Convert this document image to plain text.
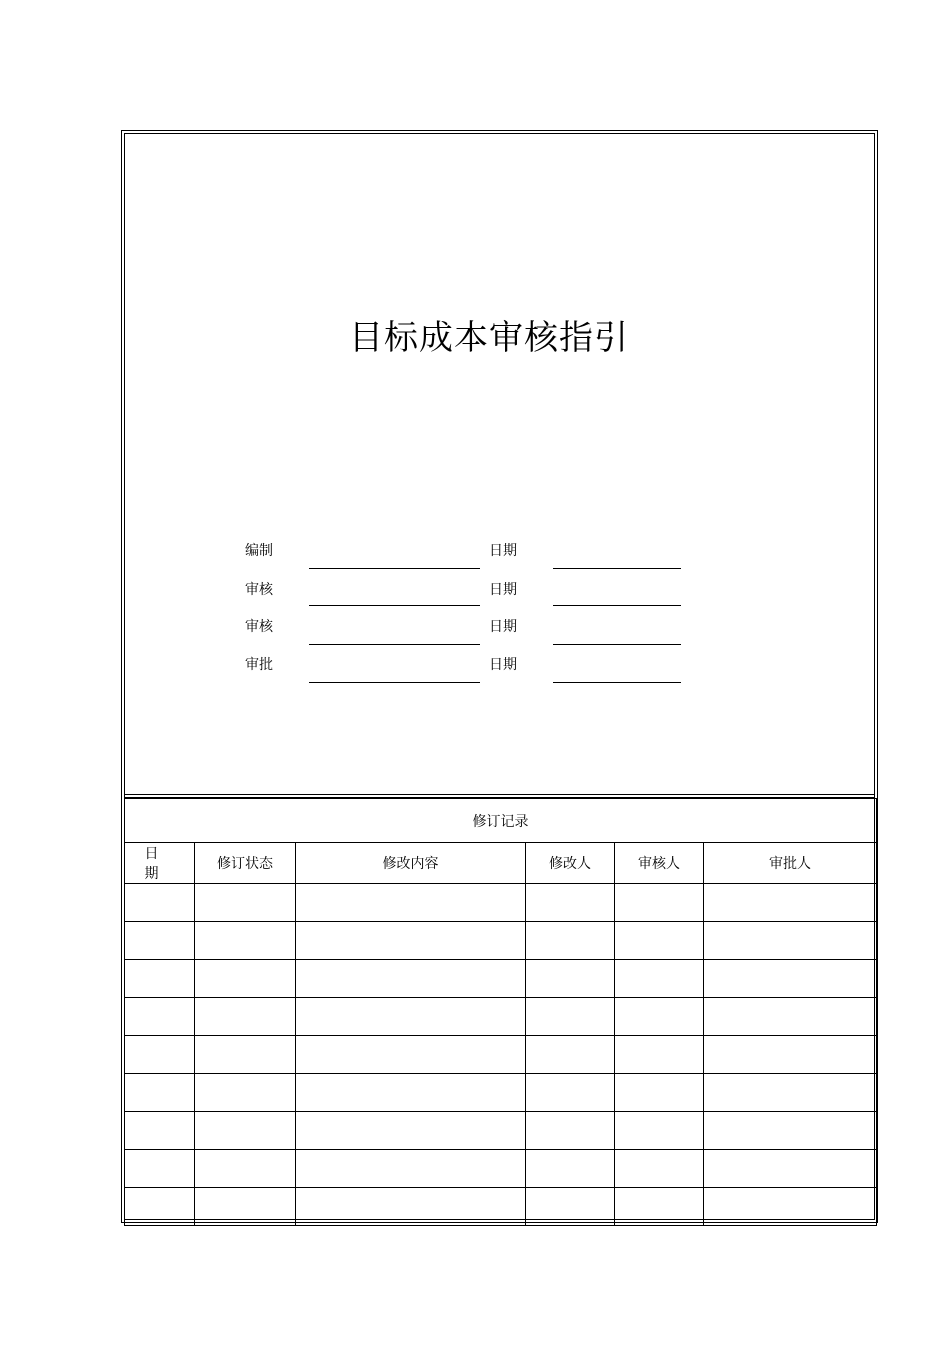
目标成本审核指引
编制	日期
审核	日期
审核	日期
审批	日期
修订记录					
日期	修订状态	修改内容	修改人	审核人	审批人
